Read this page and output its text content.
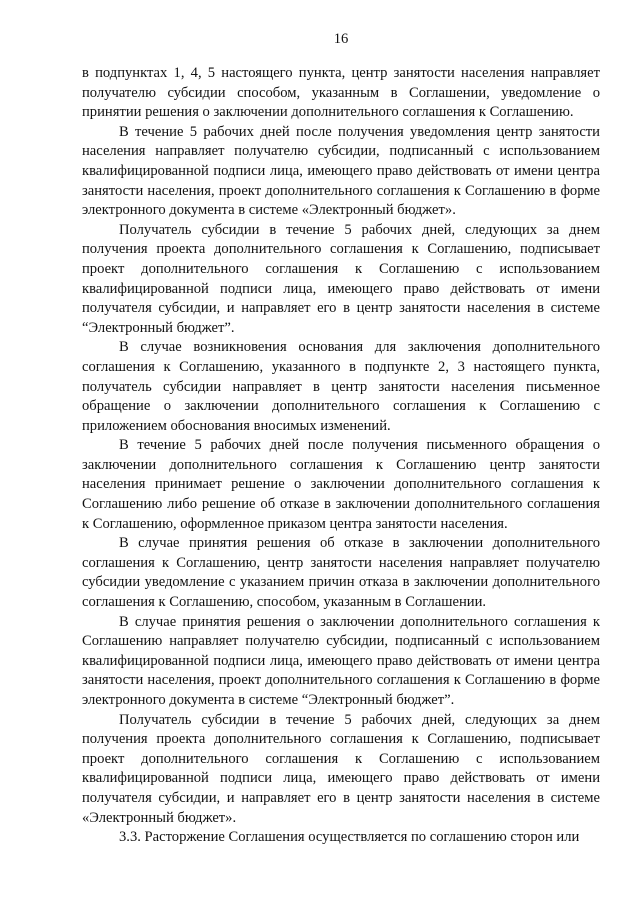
16

в подпунктах 1, 4, 5 настоящего пункта, центр занятости населения направляет получателю субсидии способом, указанным в Соглашении, уведомление о принятии решения о заключении дополнительного соглашения к Соглашению.

В течение 5 рабочих дней после получения уведомления центр занятости населения направляет получателю субсидии, подписанный с использованием квалифицированной подписи лица, имеющего право действовать от имени центра занятости населения, проект дополнительного соглашения к Соглашению в форме электронного документа в системе «Электронный бюджет».

Получатель субсидии в течение 5 рабочих дней, следующих за днем получения проекта дополнительного соглашения к Соглашению, подписывает проект дополнительного соглашения к Соглашению с использованием квалифицированной подписи лица, имеющего право действовать от имени получателя субсидии, и направляет его в центр занятости населения в системе “Электронный бюджет”.

В случае возникновения основания для заключения дополнительного соглашения к Соглашению, указанного в подпункте 2, 3 настоящего пункта, получатель субсидии направляет в центр занятости населения письменное обращение о заключении дополнительного соглашения к Соглашению с приложением обоснования вносимых изменений.

В течение 5 рабочих дней после получения письменного обращения о заключении дополнительного соглашения к Соглашению центр занятости населения принимает решение о заключении дополнительного соглашения к Соглашению либо решение об отказе в заключении дополнительного соглашения к Соглашению, оформленное приказом центра занятости населения.

В случае принятия решения об отказе в заключении дополнительного соглашения к Соглашению, центр занятости населения направляет получателю субсидии уведомление с указанием причин отказа в заключении дополнительного соглашения к Соглашению, способом, указанным в Соглашении.

В случае принятия решения о заключении дополнительного соглашения к Соглашению направляет получателю субсидии, подписанный с использованием квалифицированной подписи лица, имеющего право действовать от имени центра занятости населения, проект дополнительного соглашения к Соглашению в форме электронного документа в системе “Электронный бюджет”.

Получатель субсидии в течение 5 рабочих дней, следующих за днем получения проекта дополнительного соглашения к Соглашению, подписывает проект дополнительного соглашения к Соглашению с использованием квалифицированной подписи лица, имеющего право действовать от имени получателя субсидии, и направляет его в центр занятости населения в системе «Электронный бюджет».

3.3. Расторжение Соглашения осуществляется по соглашению сторон или
